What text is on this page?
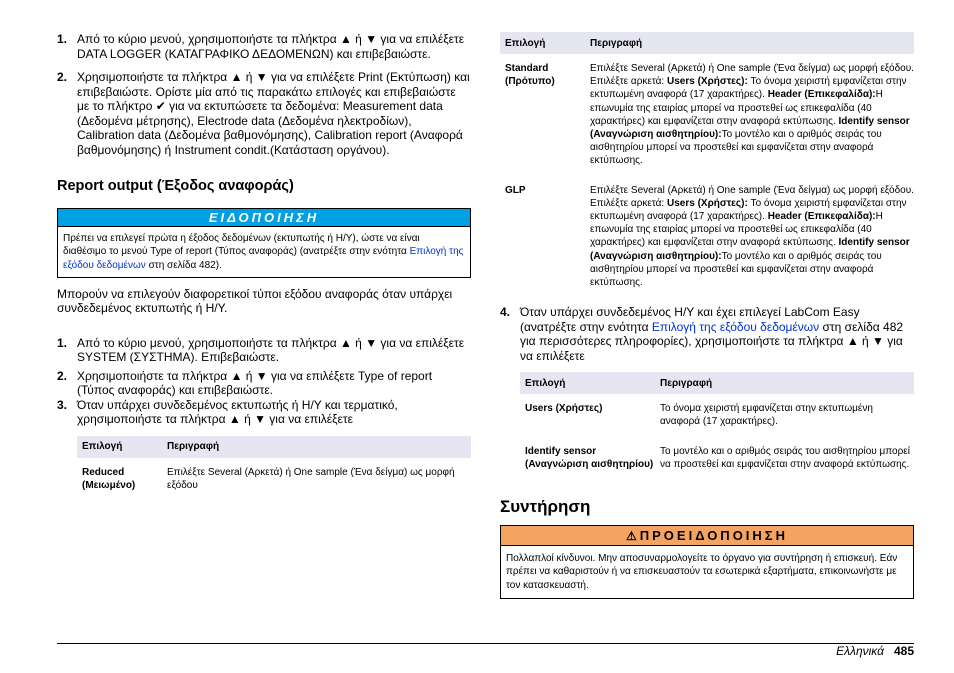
1. Από το κύριο μενού, χρησιμοποιήστε τα πλήκτρα ▲ ή ▼ για να επιλέξετε DATA LOGGER (ΚΑΤΑΓΡΑΦΙΚΟ ΔΕΔΟΜΕΝΩΝ) και επιβεβαιώστε.
2. Χρησιμοποιήστε τα πλήκτρα ▲ ή ▼ για να επιλέξετε Print (Εκτύπωση) και επιβεβαιώστε. Ορίστε μία από τις παρακάτω επιλογές και επιβεβαιώστε με το πλήκτρο ✔ για να εκτυπώσετε τα δεδομένα: Measurement data (Δεδομένα μέτρησης), Electrode data (Δεδομένα ηλεκτροδίων), Calibration data (Δεδομένα βαθμονόμησης), Calibration report (Αναφορά βαθμονόμησης) ή Instrument condit.(Κατάσταση οργάνου).
Report output (Έξοδος αναφοράς)
ΕΙΔΟΠΟΙΗΣΗ
Πρέπει να επιλεγεί πρώτα η έξοδος δεδομένων (εκτυπωτής ή Η/Υ), ώστε να είναι διαθέσιμο το μενού Type of report (Τύπος αναφοράς) (ανατρέξτε στην ενότητα Επιλογή της εξόδου δεδομένων στη σελίδα 482).

Μπορούν να επιλεγούν διαφορετικοί τύποι εξόδου αναφοράς όταν υπάρχει συνδεδεμένος εκτυπωτής ή Η/Υ.

1. Από το κύριο μενού, χρησιμοποιήστε τα πλήκτρα ▲ ή ▼ για να επιλέξετε SYSTEM (ΣΥΣΤΗΜΑ). Επιβεβαιώστε.
2. Χρησιμοποιήστε τα πλήκτρα ▲ ή ▼ για να επιλέξετε Type of report (Τύπος αναφοράς) και επιβεβαιώστε.
3. Όταν υπάρχει συνδεδεμένος εκτυπωτής ή Η/Υ και τερματικό, χρησιμοποιήστε τα πλήκτρα ▲ ή ▼ για να επιλέξετε
Επιλογή	Περιγραφή
Reduced (Μειωμένο)	Επιλέξτε Several (Αρκετά) ή One sample (Ένα δείγμα) ως μορφή εξόδου
Επιλογή	Περιγραφή
Standard (Πρότυπο)	Επιλέξτε Several (Αρκετά) ή One sample (Ένα δείγμα) ως μορφή εξόδου. Επιλέξτε αρκετά: Users (Χρήστες): Το όνομα χειριστή εμφανίζεται στην εκτυπωμένη αναφορά (17 χαρακτήρες). Header (Επικεφαλίδα):Η επωνυμία της εταιρίας μπορεί να προστεθεί ως επικεφαλίδα (40 χαρακτήρες) και εμφανίζεται στην αναφορά εκτύπωσης. Identify sensor (Αναγνώριση αισθητηρίου):Το μοντέλο και ο αριθμός σειράς του αισθητηρίου μπορεί να προστεθεί και εμφανίζεται στην αναφορά εκτύπωσης.
GLP	Επιλέξτε Several (Αρκετά) ή One sample (Ένα δείγμα) ως μορφή εξόδου. Επιλέξτε αρκετά: Users (Χρήστες): Το όνομα χειριστή εμφανίζεται στην εκτυπωμένη αναφορά (17 χαρακτήρες). Header (Επικεφαλίδα):Η επωνυμία της εταιρίας μπορεί να προστεθεί ως επικεφαλίδα (40 χαρακτήρες) και εμφανίζεται στην αναφορά εκτύπωσης. Identify sensor (Αναγνώριση αισθητηρίου):Το μοντέλο και ο αριθμός σειράς του αισθητηρίου μπορεί να προστεθεί και εμφανίζεται στην αναφορά εκτύπωσης.
4. Όταν υπάρχει συνδεδεμένος Η/Υ και έχει επιλεγεί LabCom Easy (ανατρέξτε στην ενότητα Επιλογή της εξόδου δεδομένων στη σελίδα 482 για περισσότερες πληροφορίες), χρησιμοποιήστε τα πλήκτρα ▲ ή ▼ για να επιλέξετε
Επιλογή	Περιγραφή
Users (Χρήστες)	Το όνομα χειριστή εμφανίζεται στην εκτυπωμένη αναφορά (17 χαρακτήρες).
Identify sensor (Αναγνώριση αισθητηρίου)	Το μοντέλο και ο αριθμός σειράς του αισθητηρίου μπορεί να προστεθεί και εμφανίζεται στην αναφορά εκτύπωσης.
Συντήρηση
⚠ ΠΡΟΕΙΔΟΠΟΙΗΣΗ
Πολλαπλοί κίνδυνοι. Μην αποσυναρμολογείτε το όργανο για συντήρηση ή επισκευή. Εάν πρέπει να καθαριστούν ή να επισκευαστούν τα εσωτερικά εξαρτήματα, επικοινωνήστε με τον κατασκευαστή.
Ελληνικά 485
